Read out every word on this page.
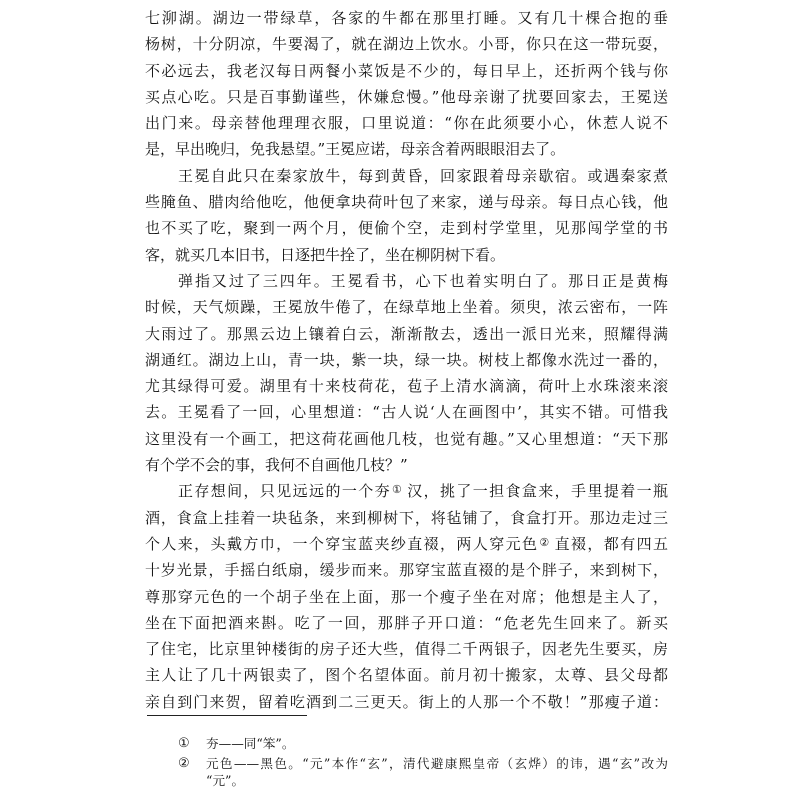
七泖湖。湖边一带绿草，各家的牛都在那里打睡。又有几十棵合抱的垂
杨树，十分阴凉，牛要渴了，就在湖边上饮水。小哥，你只在这一带玩耍，
不必远去，我老汉每日两餐小菜饭是不少的，每日早上，还折两个钱与你
买点心吃。只是百事勤谨些，休嫌怠慢。”他母亲谢了扰要回家去，王冕送
出门来。母亲替他理理衣服，口里说道：“你在此须要小心，休惹人说不
是，早出晚归，免我悬望。”王冕应诺，母亲含着两眼眼泪去了。
王冕自此只在秦家放牛，每到黄昏，回家跟着母亲歇宿。或遇秦家煮
些腌鱼、腊肉给他吃，他便拿块荷叶包了来家，递与母亲。每日点心钱，他
也不买了吃，聚到一两个月，便偷个空，走到村学堂里，见那闯学堂的书
客，就买几本旧书，日逐把牛拴了，坐在柳阴树下看。
弹指又过了三四年。王冕看书，心下也着实明白了。那日正是黄梅
时候，天气烦躁，王冕放牛倦了，在绿草地上坐着。须臾，浓云密布，一阵
大雨过了。那黑云边上镶着白云，渐渐散去，透出一派日光来，照耀得满
湖通红。湖边上山，青一块，紫一块，绿一块。树枝上都像水洗过一番的，
尤其绿得可爱。湖里有十来枝荷花，苞子上清水滴滴，荷叶上水珠滚来滚
去。王冕看了一回，心里想道：“古人说‘人在画图中’，其实不错。可惜我
这里没有一个画工，把这荷花画他几枝，也觉有趣。”又心里想道：“天下那
有个学不会的事，我何不自画他几枝？”
正存想间，只见远远的一个夯① 汉，挑了一担食盒来，手里提着一瓶
酒，食盒上挂着一块毡条，来到柳树下，将毡铺了，食盒打开。那边走过三
个人来，头戴方巾，一个穿宝蓝夹纱直裰，两人穿元色② 直裰，都有四五
十岁光景，手摇白纸扇，缓步而来。那穿宝蓝直裰的是个胖子，来到树下，
尊那穿元色的一个胡子坐在上面，那一个瘦子坐在对席；他想是主人了，
坐在下面把酒来斟。吃了一回，那胖子开口道：“危老先生回来了。新买
了住宅，比京里钟楼街的房子还大些，值得二千两银子，因老先生要买，房
主人让了几十两银卖了，图个名望体面。前月初十搬家，太尊、县父母都
亲自到门来贺，留着吃酒到二三更天。街上的人那一个不敬！”那瘦子道：
① 夯——同“笨”。
② 元色——黑色。“元”本作“玄”，清代避康熙皇帝（玄烨）的讳，遇“玄”改为
“元”。
